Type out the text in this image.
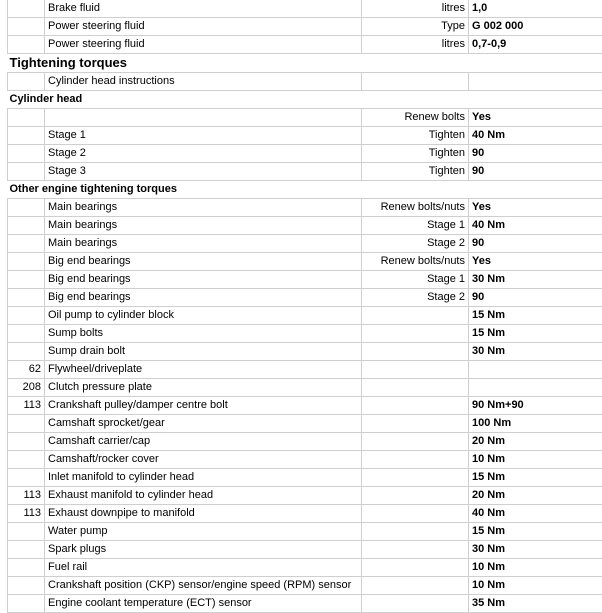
	Brake fluid	litres	1,0
	Power steering fluid	Type	G 002 000
	Power steering fluid	litres	0,7-0,9
Tightening torques			
	Cylinder head instructions		
Cylinder head			
		Renew bolts	Yes
	Stage 1	Tighten	40 Nm
	Stage 2	Tighten	90
	Stage 3	Tighten	90
Other engine tightening torques			
	Main bearings	Renew bolts/nuts	Yes
	Main bearings	Stage 1	40 Nm
	Main bearings	Stage 2	90
	Big end bearings	Renew bolts/nuts	Yes
	Big end bearings	Stage 1	30 Nm
	Big end bearings	Stage 2	90
	Oil pump to cylinder block		15 Nm
	Sump bolts		15 Nm
	Sump drain bolt		30 Nm
62	Flywheel/driveplate		
208	Clutch pressure plate		
113	Crankshaft pulley/damper centre bolt		90 Nm+90
	Camshaft sprocket/gear		100 Nm
	Camshaft carrier/cap		20 Nm
	Camshaft/rocker cover		10 Nm
	Inlet manifold to cylinder head		15 Nm
113	Exhaust manifold to cylinder head		20 Nm
113	Exhaust downpipe to manifold		40 Nm
	Water pump		15 Nm
	Spark plugs		30 Nm
	Fuel rail		10 Nm
	Crankshaft position (CKP) sensor/engine speed (RPM) sensor		10 Nm
	Engine coolant temperature (ECT) sensor		35 Nm
